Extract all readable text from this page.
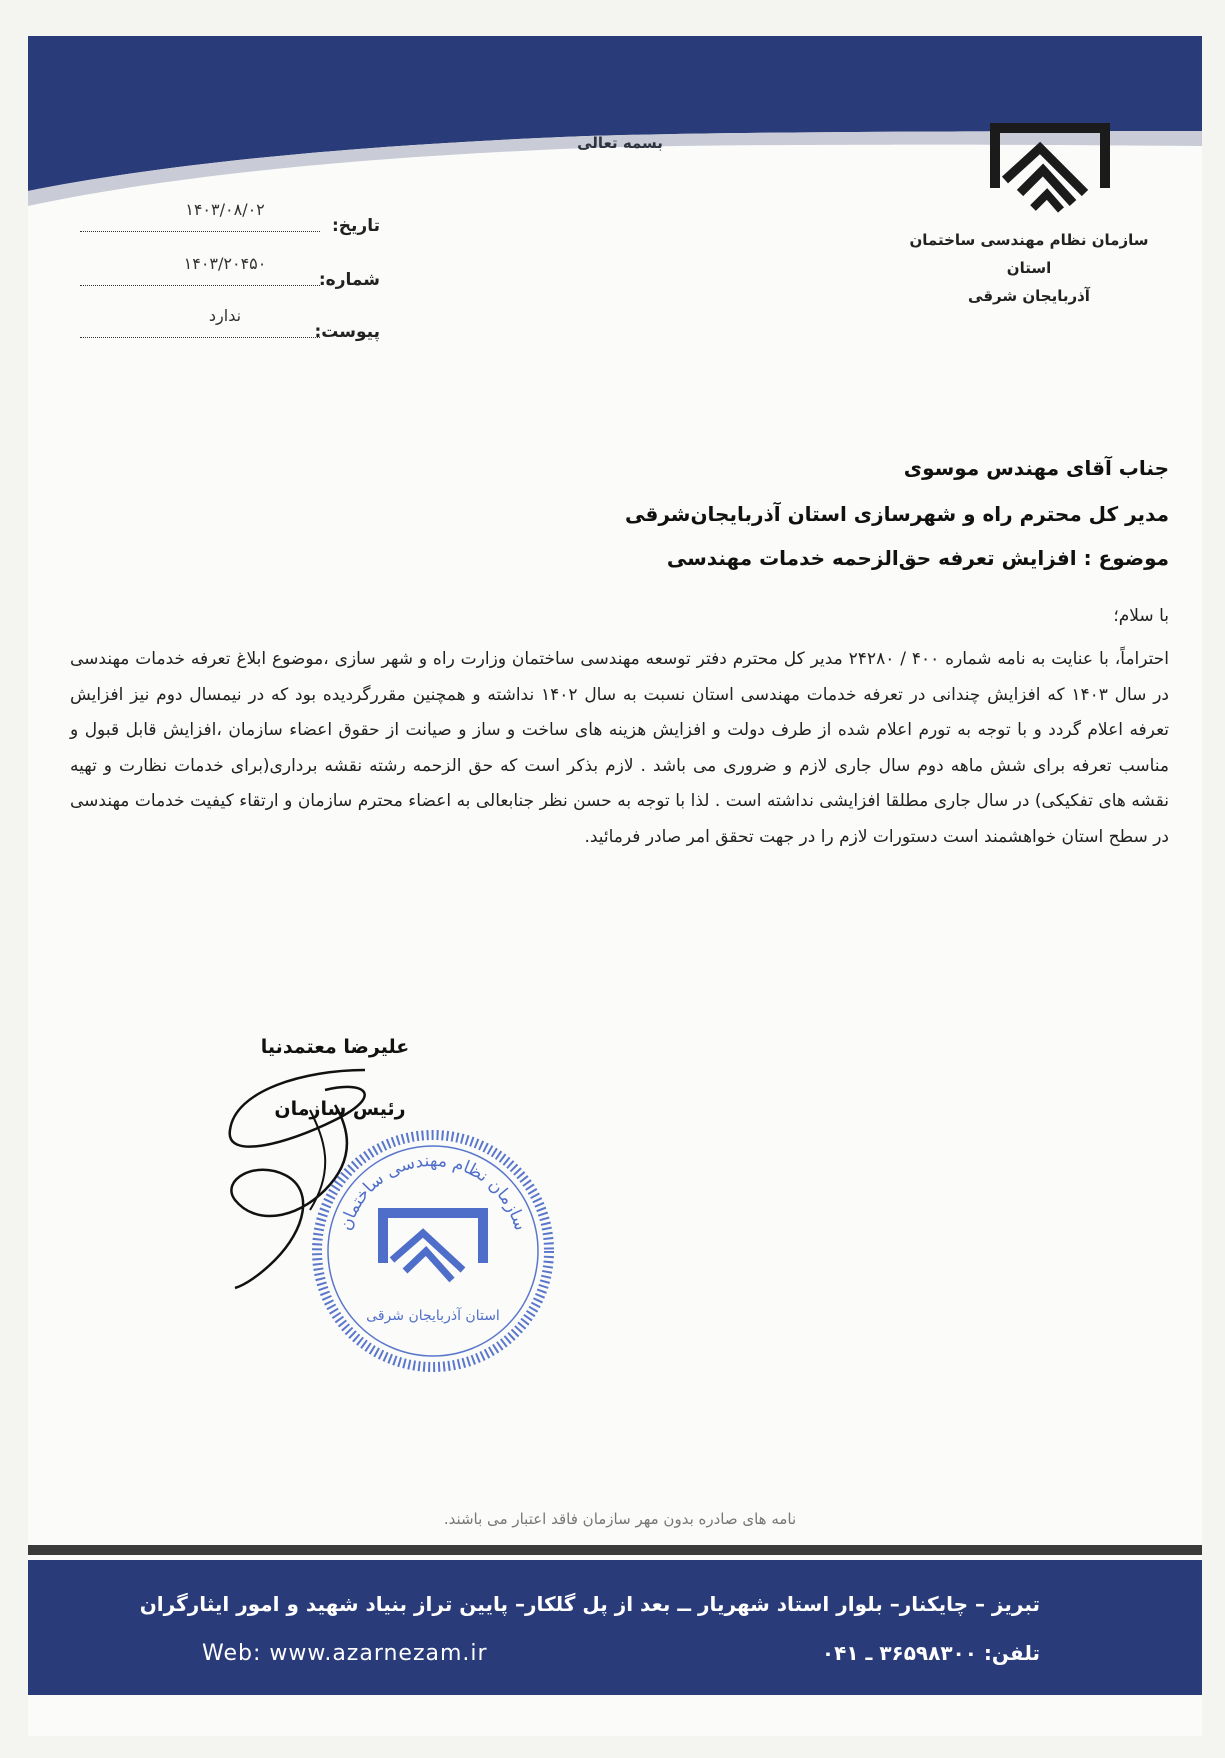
بسمه تعالی
سازمان نظام مهندسی ساختمان استان
آذربایجان شرقی
تاریخ:
۱۴۰۳/۰۸/۰۲
شماره:
۱۴۰۳/۲۰۴۵۰
پیوست:
ندارد
جناب آقای مهندس موسوی
مدیر کل محترم راه و شهرسازی استان آذربایجان‌شرقی
موضوع : افزایش تعرفه حق‌الزحمه خدمات مهندسی
با سلام؛

احتراماً، با عنایت به نامه شماره ۴۰۰ / ۲۴۲۸۰ مدیر کل محترم دفتر توسعه مهندسی ساختمان وزارت راه و شهر سازی ،موضوع ابلاغ تعرفه خدمات مهندسی در سال ۱۴۰۳ که افزایش چندانی در تعرفه خدمات مهندسی استان نسبت به سال ۱۴۰۲ نداشته و همچنین مقررگردیده بود که در نیمسال دوم نیز افزایش تعرفه اعلام گردد و با توجه به تورم اعلام شده از طرف دولت و افزایش هزینه های ساخت و ساز و صیانت از حقوق اعضاء سازمان ،افزایش قابل قبول و مناسب تعرفه برای شش ماهه دوم سال جاری لازم و ضروری می باشد . لازم بذکر است که حق الزحمه رشته نقشه برداری(برای خدمات نظارت و تهیه نقشه های تفکیکی) در سال جاری مطلقا افزایشی نداشته است . لذا با توجه به حسن نظر جنابعالی به اعضاء محترم سازمان و ارتقاء کیفیت خدمات مهندسی در سطح استان خواهشمند است دستورات لازم را در جهت تحقق امر صادر فرمائید.

علیرضا معتمدنیا
رئیس سازمان
سازمان نظام مهندسی ساختمان
استان آذربایجان شرقی
نامه های صادره بدون مهر سازمان فاقد اعتبار می باشند.
تبریز – چایکنار– بلوار استاد شهریار ــ بعد از پل گلکار– پایین تراز بنیاد شهید و امور ایثارگران
Web: www.azarnezam.ir	تلفن: ۳۶۵۹۸۳۰۰ ـ ۰۴۱
